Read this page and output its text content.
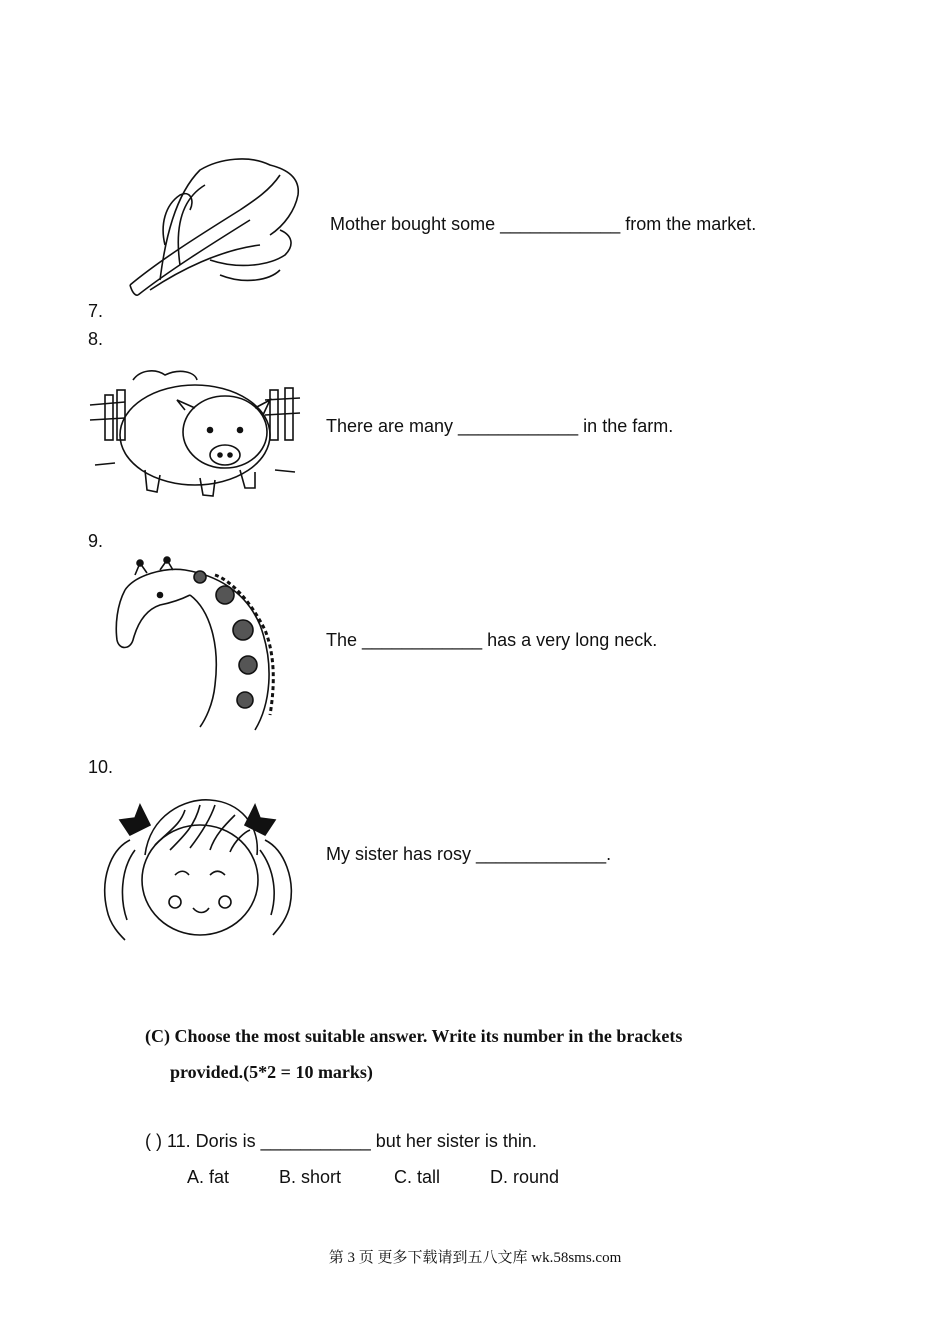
Mother bought some ____________ from the market.
7.
8.
There are many ____________ in the farm.
9.
The ____________ has a very long neck.
10.
My sister has rosy _____________.
(C) Choose the most suitable answer. Write its number in the brackets
provided.(5*2 = 10 marks)
( ) 11. Doris is ___________ but her sister is thin.
A. fat	B. short	C. tall	D. round
第 3 页 更多下载请到五八文库 wk.58sms.com
